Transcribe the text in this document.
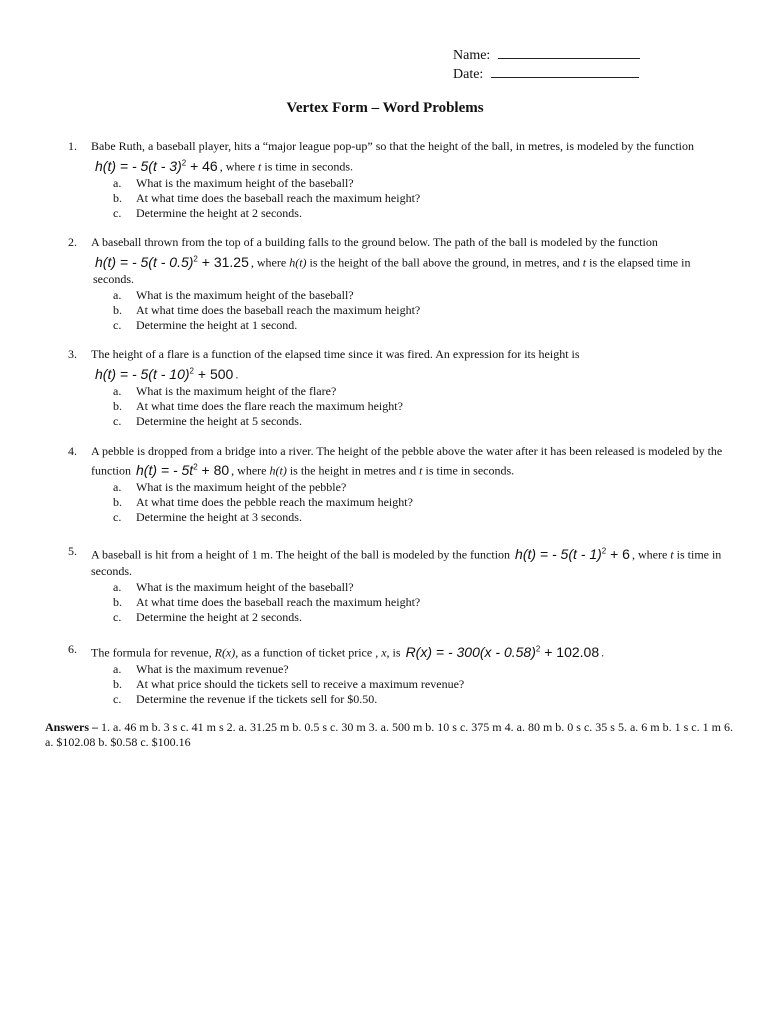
Name:
Date:
Vertex Form – Word Problems
1. Babe Ruth, a baseball player, hits a “major league pop-up” so that the height of the ball, in metres, is modeled by the function
h(t) = - 5(t - 3)$^2$ + 46 , where t is time in seconds.
a. What is the maximum height of the baseball?
b. At what time does the baseball reach the maximum height?
c. Determine the height at 2 seconds.
2. A baseball thrown from the top of a building falls to the ground below. The path of the ball is modeled by the function
h(t) = - 5(t - 0.5)$^2$ + 31.25 , where h(t) is the height of the ball above the ground, in metres, and t is the elapsed time in seconds.
a. What is the maximum height of the baseball?
b. At what time does the baseball reach the maximum height?
c. Determine the height at 1 second.
3. The height of a flare is a function of the elapsed time since it was fired. An expression for its height is
h(t) = - 5(t - 10)$^2$ + 500 .
a. What is the maximum height of the flare?
b. At what time does the flare reach the maximum height?
c. Determine the height at 5 seconds.
4. A pebble is dropped from a bridge into a river. The height of the pebble above the water after it has been released is modeled by the function h(t) = - $5t^2 + 80$ , where h(t) is the height in metres and t is time in seconds.
a. What is the maximum height of the pebble?
b. At what time does the pebble reach the maximum height?
c. Determine the height at 3 seconds.
5. A baseball is hit from a height of 1 m. The height of the ball is modeled by the function h(t) = - 5(t - 1)$^2$ + 6 , where t is time in seconds.
a. What is the maximum height of the baseball?
b. At what time does the baseball reach the maximum height?
c. Determine the height at 2 seconds.
6. The formula for revenue, R(x), as a function of ticket price , x, is R(x) = - 300(x - 0.58)$^2$ + 102.08 .
a. What is the maximum revenue?
b. At what price should the tickets sell to receive a maximum revenue?
c. Determine the revenue if the tickets sell for $0.50.
Answers – 1. a. 46 m b. 3 s c. 41 m s 2. a. 31.25 m b. 0.5 s c. 30 m 3. a. 500 m b. 10 s c. 375 m 4. a. 80 m b. 0 s c. 35 s 5. a. 6 m b. 1 s c. 1 m 6. a. $102.08 b. $0.58 c. $100.16
